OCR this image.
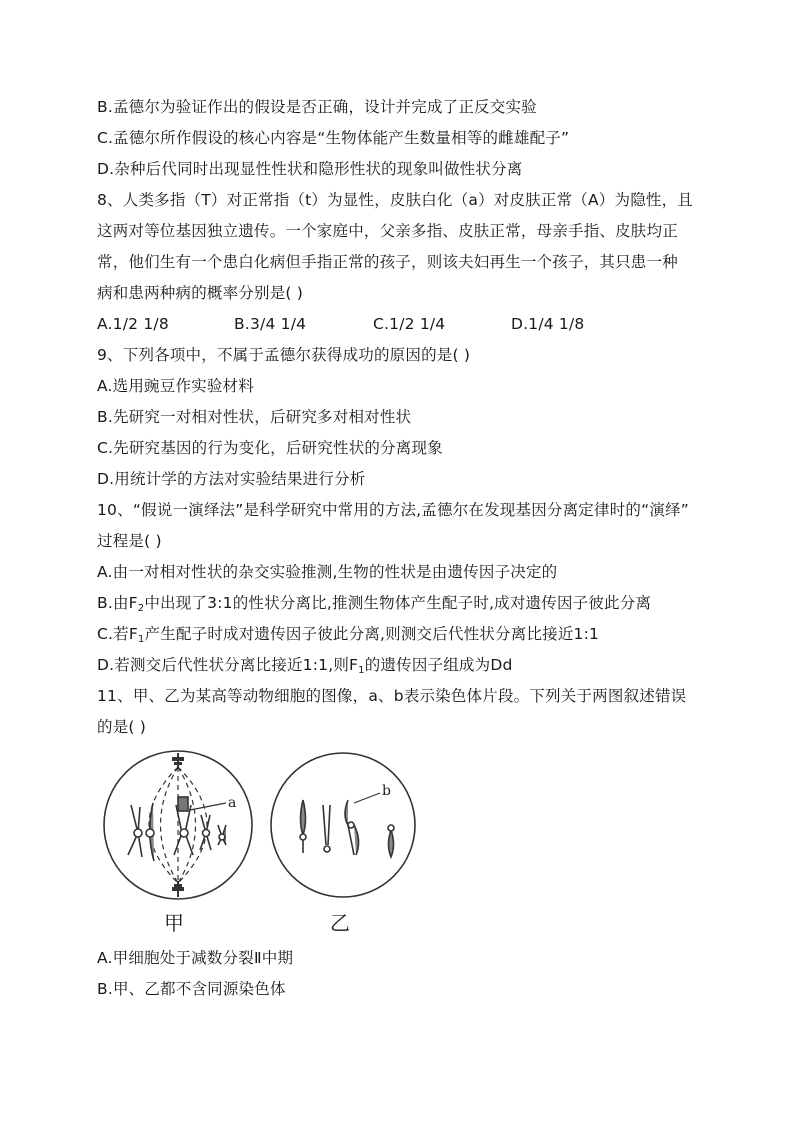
B.孟德尔为验证作出的假设是否正确，设计并完成了正反交实验
C.孟德尔所作假设的核心内容是“生物体能产生数量相等的雌雄配子”
D.杂种后代同时出现显性性状和隐形性状的现象叫做性状分离
8、人类多指（T）对正常指（t）为显性，皮肤白化（a）对皮肤正常（A）为隐性，且
这两对等位基因独立遗传。一个家庭中，父亲多指、皮肤正常，母亲手指、皮肤均正
常，他们生有一个患白化病但手指正常的孩子，则该夫妇再生一个孩子，其只患一种
病和患两种病的概率分别是( )
A.1/2 1/8	B.3/4 1/4	C.1/2 1/4	D.1/4 1/8
9、下列各项中，不属于孟德尔获得成功的原因的是( )
A.选用豌豆作实验材料
B.先研究一对相对性状，后研究多对相对性状
C.先研究基因的行为变化，后研究性状的分离现象
D.用统计学的方法对实验结果进行分析
10、“假说一演绎法”是科学研究中常用的方法,孟德尔在发现基因分离定律时的“演绎”
过程是( )
A.由一对相对性状的杂交实验推测,生物的性状是由遗传因子决定的
B.由$F_2$中出现了3:1的性状分离比,推测生物体产生配子时,成对遗传因子彼此分离
C.若$F_1$产生配子时成对遗传因子彼此分离,则测交后代性状分离比接近1:1
D.若测交后代性状分离比接近1:1,则$F_1$的遗传因子组成为Dd
11、甲、乙为某高等动物细胞的图像，a、b表示染色体片段。下列关于两图叙述错误
的是( )
a
b
甲	乙
A.甲细胞处于减数分裂Ⅱ中期
B.甲、乙都不含同源染色体
